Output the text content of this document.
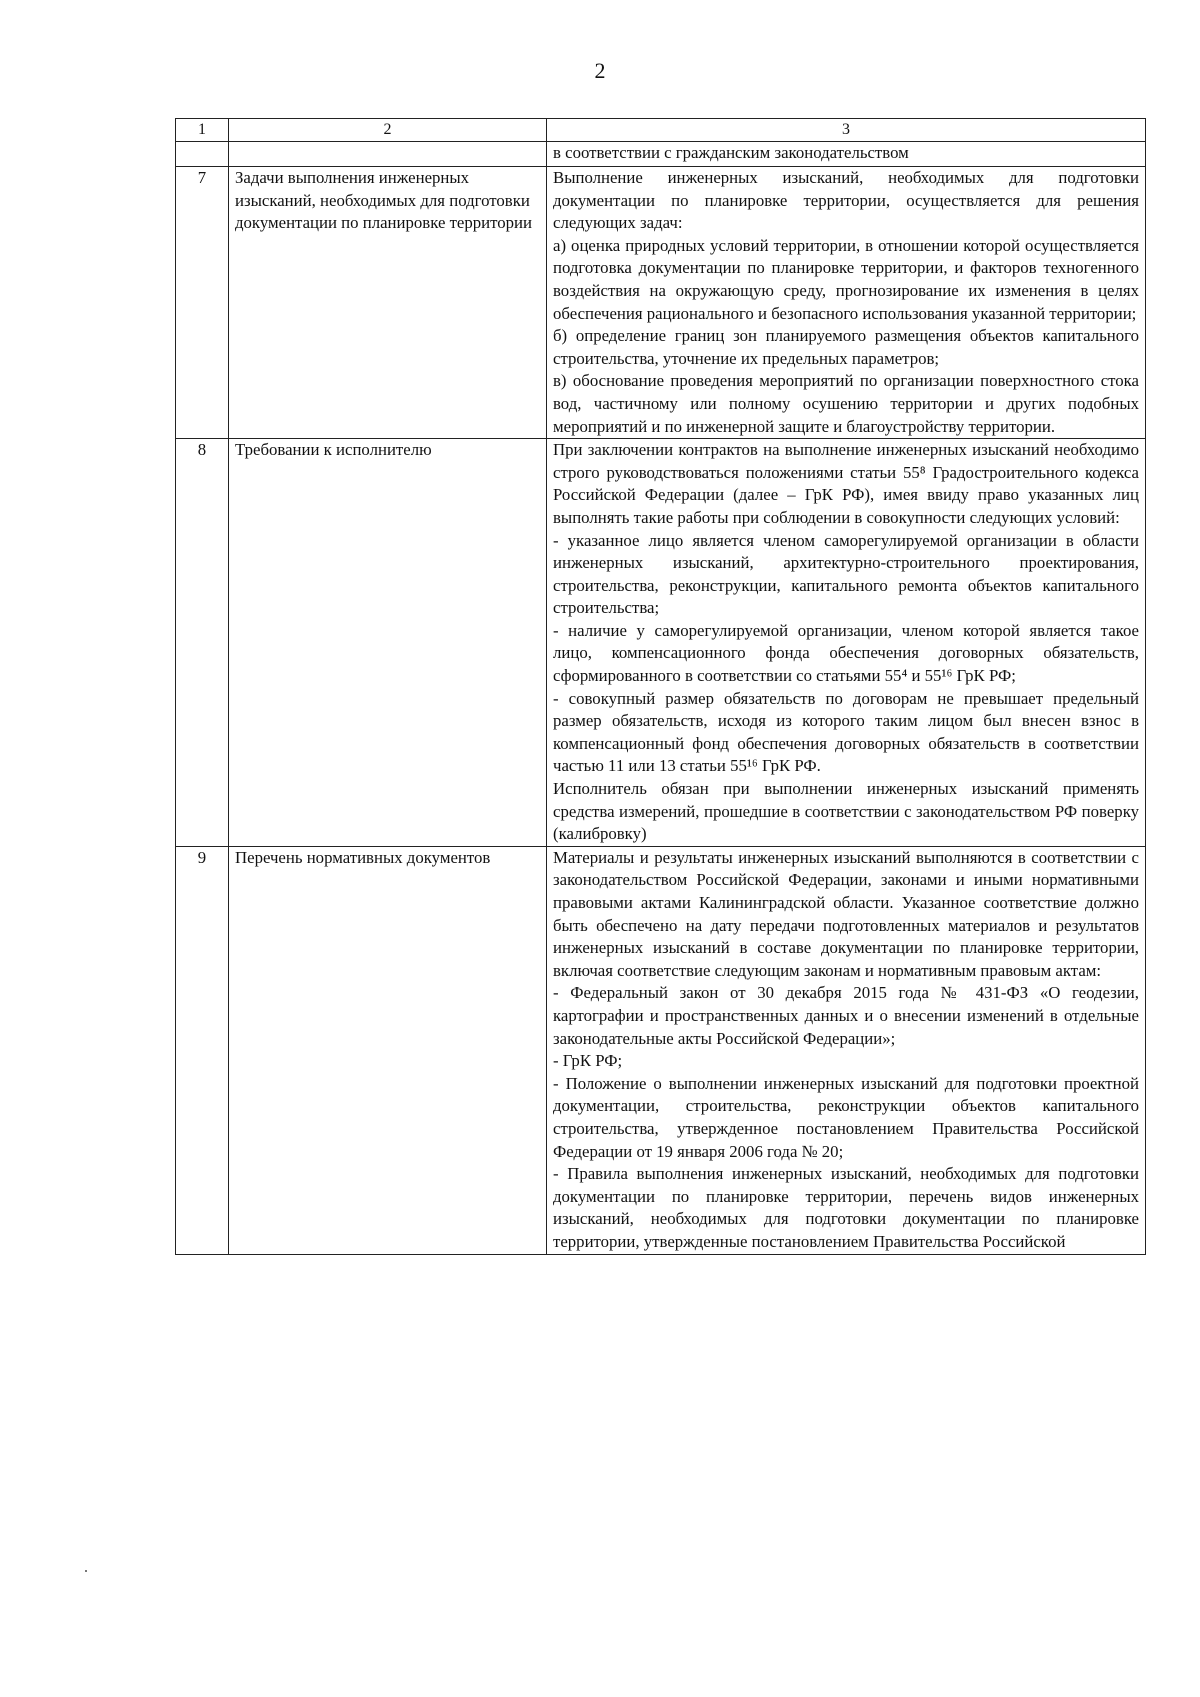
2
1	2	3

		в соответствии с гражданским законодательством

7	Задачи выполнения инженерных изысканий, необходимых для подготовки документации по планировке территории	Выполнение инженерных изысканий, необходимых для подготовки документации по планировке территории, осуществляется для решения следующих задач:

а) оценка природных условий территории, в отношении которой осуществляется подготовка документации по планировке территории, и факторов техногенного воздействия на окружающую среду, прогнозирование их изменения в целях обеспечения рационального и безопасного использования указанной территории;

б) определение границ зон планируемого размещения объектов капитального строительства, уточнение их предельных параметров;

в) обоснование проведения мероприятий по организации поверхностного стока вод, частичному или полному осушению территории и других подобных мероприятий и по инженерной защите и благоустройству территории.

8	Требовании к исполнителю	При заключении контрактов на выполнение инженерных изысканий необходимо строго руководствоваться положениями статьи 55⁸ Градостроительного кодекса Российской Федерации (далее – ГрК РФ), имея ввиду право указанных лиц выполнять такие работы при соблюдении в совокупности следующих условий:

- указанное лицо является членом саморегулируемой организации в области инженерных изысканий, архитектурно-строительного проектирования, строительства, реконструкции, капитального ремонта объектов капитального строительства;

- наличие у саморегулируемой организации, членом которой является такое лицо, компенсационного фонда обеспечения договорных обязательств, сформированного в соответствии со статьями 55⁴ и 55¹⁶ ГрК РФ;

- совокупный размер обязательств по договорам не превышает предельный размер обязательств, исходя из которого таким лицом был внесен взнос в компенсационный фонд обеспечения договорных обязательств в соответствии частью 11 или 13 статьи 55¹⁶ ГрК РФ.

Исполнитель обязан при выполнении инженерных изысканий применять средства измерений, прошедшие в соответствии с законодательством РФ поверку (калибровку)

9	Перечень нормативных документов	Материалы и результаты инженерных изысканий выполняются в соответствии с законодательством Российской Федерации, законами и иными нормативными правовыми актами Калининградской области. Указанное соответствие должно быть обеспечено на дату передачи подготовленных материалов и результатов инженерных изысканий в составе документации по планировке территории, включая соответствие следующим законам и нормативным правовым актам:

- Федеральный закон от 30 декабря 2015 года № 431-ФЗ «О геодезии, картографии и пространственных данных и о внесении изменений в отдельные законодательные акты Российской Федерации»;

- ГрК РФ;

- Положение о выполнении инженерных изысканий для подготовки проектной документации, строительства, реконструкции объектов капитального строительства, утвержденное постановлением Правительства Российской Федерации от 19 января 2006 года № 20;

- Правила выполнения инженерных изысканий, необходимых для подготовки документации по планировке территории, перечень видов инженерных изысканий, необходимых для подготовки документации по планировке территории, утвержденные постановлением Правительства Российской
